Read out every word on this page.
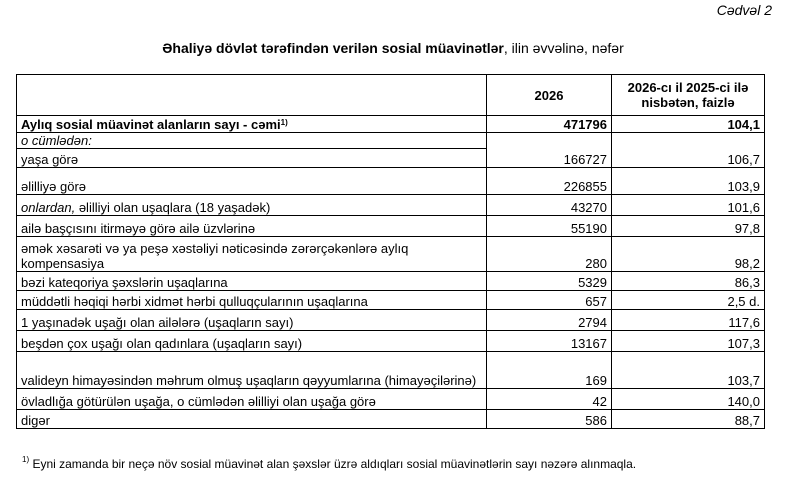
Cədvəl 2
Əhaliyə dövlət tərəfindən verilən sosial müavinətlər, ilin əvvəlinə, nəfər
	2026	2026-cı il 2025-ci ilə nisbətən, faizlə
Aylıq sosial müavinət alanların sayı - cəmi$^{1)}$	471796	104,1
o cümlədən:		
yaşa görə	166727	106,7
əlilliyə görə	226855	103,9
onlardan, əlilliyi olan uşaqlara (18 yaşadək)	43270	101,6
ailə başçısını itirməyə görə ailə üzvlərinə	55190	97,8
əmək xəsarəti və ya peşə xəstəliyi nəticəsində zərərçəkənlərə aylıq kompensasiya	280	98,2
bəzi kateqoriya şəxslərin uşaqlarına	5329	86,3
müddətli həqiqi hərbi xidmət hərbi qulluqçularının uşaqlarına	657	2,5 d.
1 yaşınadək uşağı olan ailələrə (uşaqların sayı)	2794	117,6
beşdən çox uşağı olan qadınlara (uşaqların sayı)	13167	107,3
valideyn himayəsindən məhrum olmuş uşaqların qəyyumlarına (himayəçilərinə)	169	103,7
övladlığa götürülən uşağa, o cümlədən əlilliyi olan uşağa görə	42	140,0
digər	586	88,7
$^{1)}$ Eyni zamanda bir neçə növ sosial müavinət alan şəxslər üzrə aldıqları sosial müavinətlərin sayı nəzərə alınmaqla.
